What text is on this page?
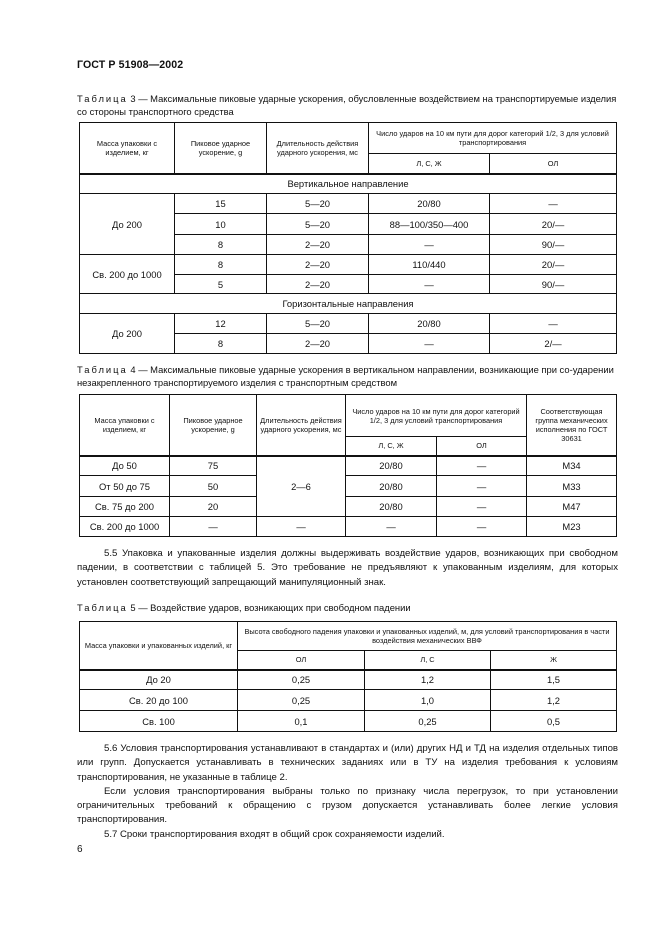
ГОСТ Р 51908—2002
Таблица 3 — Максимальные пиковые ударные ускорения, обусловленные воздействием на транспортируемые изделия со стороны транспортного средства
Масса упаковки с изделием, кг	Пиковое ударное ускорение, g	Длительность действия ударного ускорения, мс	Число ударов на 10 км пути для дорог категорий 1/2, 3 для условий транспортирования	
			Л, С, Ж	ОЛ
Вертикальное направление				
До 200	15	5—20	20/80	—
	10	5—20	88—100/350—400	20/—
	8	2—20	—	90/—
Св. 200 до 1000	8	2—20	110/440	20/—
	5	2—20	—	90/—
Горизонтальные направления				
До 200	12	5—20	20/80	—
	8	2—20	—	2/—
Таблица 4 — Максимальные пиковые ударные ускорения в вертикальном направлении, возникающие при со-ударении незакрепленного транспортируемого изделия с транспортным средством
Масса упаковки с изделием, кг	Пиковое ударное ускорение, g	Длительность действия ударного ускорения, мс	Число ударов на 10 км пути для дорог категорий 1/2, 3 для условий транспортирования		Соответствующая группа механических исполнения по ГОСТ 30631
			Л, С, Ж	ОЛ	
До 50	75	2—6	20/80	—	М34
От 50 до 75	50		20/80	—	М33
Св. 75 до 200	20		20/80	—	М47
Св. 200 до 1000	—	—	—	—	М23

5.5 Упаковка и упакованные изделия должны выдерживать воздействие ударов, возникающих при свободном падении, в соответствии с таблицей 5. Это требование не предъявляют к упакованным изделиям, для которых установлен соответствующий запрещающий манипуляционный знак.

Таблица 5 — Воздействие ударов, возникающих при свободном падении
Масса упаковки и упакованных изделий, кг	Высота свободного падения упаковки и упакованных изделий, м, для условий транспортирования в части воздействия механических ВВФ		
	ОЛ	Л, С	Ж
До 20	0,25	1,2	1,5
Св. 20 до 100	0,25	1,0	1,2
Св. 100	0,1	0,25	0,5

5.6 Условия транспортирования устанавливают в стандартах и (или) других НД и ТД на изделия отдельных типов или групп. Допускается устанавливать в технических заданиях или в ТУ на изделия требования к условиям транспортирования, не указанные в таблице 2.

Если условия транспортирования выбраны только по признаку числа перегрузок, то при установлении ограничительных требований к обращению с грузом допускается устанавливать более легкие условия транспортирования.

5.7 Сроки транспортирования входят в общий срок сохраняемости изделий.

6
